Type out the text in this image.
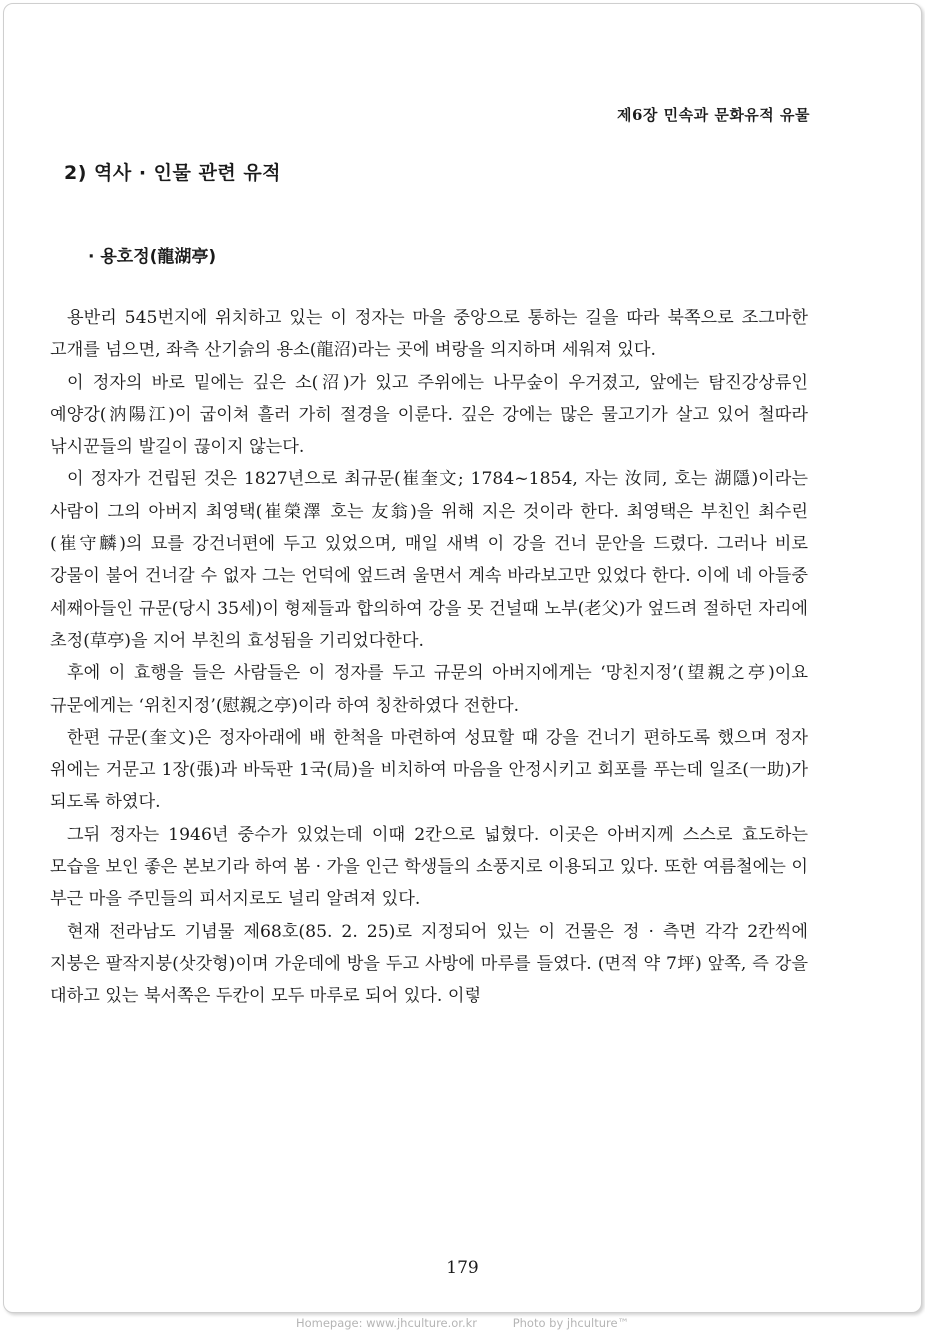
제6장 민속과 문화유적 유물
2) 역사 · 인물 관련 유적
· 용호정(龍湖亭)

용반리 545번지에 위치하고 있는 이 정자는 마을 중앙으로 통하는 길을 따라 북쪽으로 조그마한 고개를 넘으면, 좌측 산기슭의 용소(龍沼)라는 곳에 벼랑을 의지하며 세워져 있다.

이 정자의 바로 밑에는 깊은 소(沼)가 있고 주위에는 나무숲이 우거졌고, 앞에는 탐진강상류인 예양강(汭陽江)이 굽이쳐 흘러 가히 절경을 이룬다. 깊은 강에는 많은 물고기가 살고 있어 철따라 낚시꾼들의 발길이 끊이지 않는다.

이 정자가 건립된 것은 1827년으로 최규문(崔奎文; 1784~1854, 자는 汝同, 호는 湖隱)이라는 사람이 그의 아버지 최영택(崔榮澤 호는 友翁)을 위해 지은 것이라 한다. 최영택은 부친인 최수린(崔守麟)의 묘를 강건너편에 두고 있었으며, 매일 새벽 이 강을 건너 문안을 드렸다. 그러나 비로 강물이 불어 건너갈 수 없자 그는 언덕에 엎드려 울면서 계속 바라보고만 있었다 한다. 이에 네 아들중 세째아들인 규문(당시 35세)이 형제들과 합의하여 강을 못 건널때 노부(老父)가 엎드려 절하던 자리에 초정(草亭)을 지어 부친의 효성됨을 기리었다한다.

후에 이 효행을 들은 사람들은 이 정자를 두고 규문의 아버지에게는 ‘망친지정’(望親之亭)이요 규문에게는 ‘위친지정’(慰親之亭)이라 하여 칭찬하였다 전한다.

한편 규문(奎文)은 정자아래에 배 한척을 마련하여 성묘할 때 강을 건너기 편하도록 했으며 정자 위에는 거문고 1장(張)과 바둑판 1국(局)을 비치하여 마음을 안정시키고 회포를 푸는데 일조(一助)가 되도록 하였다.

그뒤 정자는 1946년 중수가 있었는데 이때 2칸으로 넓혔다. 이곳은 아버지께 스스로 효도하는 모습을 보인 좋은 본보기라 하여 봄 · 가을 인근 학생들의 소풍지로 이용되고 있다. 또한 여름철에는 이 부근 마을 주민들의 피서지로도 널리 알려져 있다.

현재 전라남도 기념물 제68호(85. 2. 25)로 지정되어 있는 이 건물은 정 · 측면 각각 2칸씩에 지붕은 팔작지붕(삿갓형)이며 가운데에 방을 두고 사방에 마루를 들였다. (면적 약 7坪) 앞쪽, 즉 강을 대하고 있는 북서쪽은 두칸이 모두 마루로 되어 있다. 이렇

179
Homepage: www.jhculture.or.kr	Photo by jhculture™
